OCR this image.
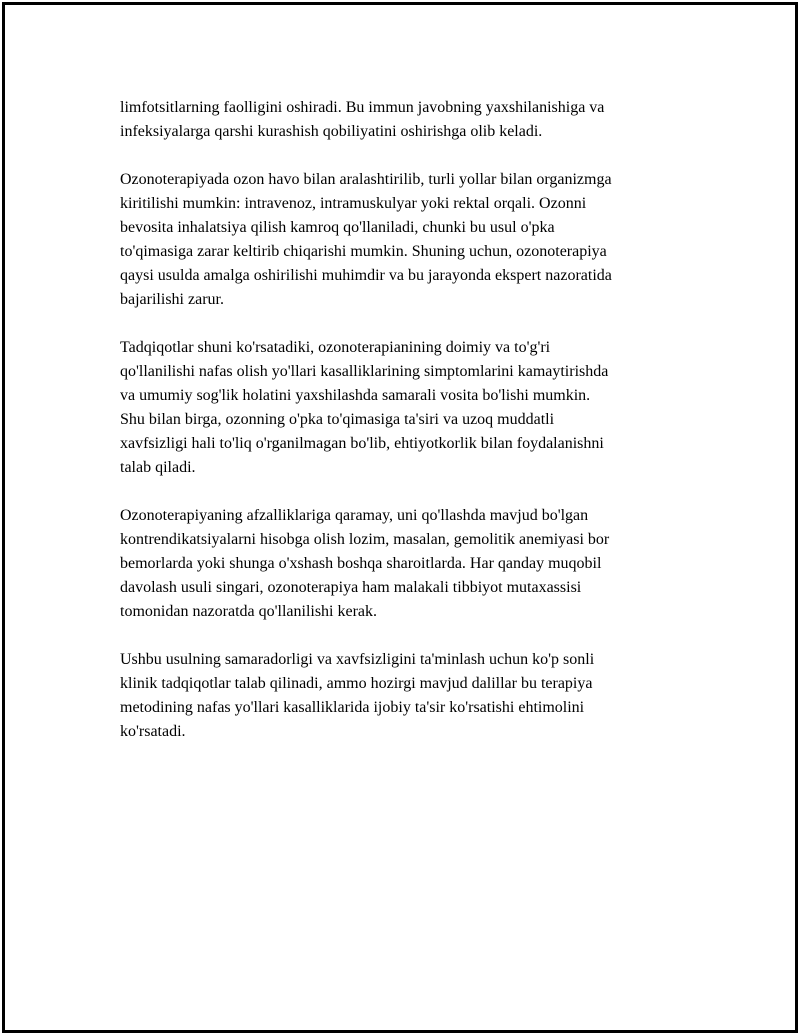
limfotsitlarning faolligini oshiradi. Bu immun javobning yaxshilanishiga va
infeksiyalarga qarshi kurashish qobiliyatini oshirishga olib keladi.

Ozonoterapiyada ozon havo bilan aralashtirilib, turli yollar bilan organizmga
kiritilishi mumkin: intravenoz, intramuskulyar yoki rektal orqali. Ozonni
bevosita inhalatsiya qilish kamroq qo'llaniladi, chunki bu usul o'pka
to'qimasiga zarar keltirib chiqarishi mumkin. Shuning uchun, ozonoterapiya
qaysi usulda amalga oshirilishi muhimdir va bu jarayonda ekspert nazoratida
bajarilishi zarur.

Tadqiqotlar shuni ko'rsatadiki, ozonoterapianining doimiy va to'g'ri
qo'llanilishi nafas olish yo'llari kasalliklarining simptomlarini kamaytirishda
va umumiy sog'lik holatini yaxshilashda samarali vosita bo'lishi mumkin.
Shu bilan birga, ozonning o'pka to'qimasiga ta'siri va uzoq muddatli
xavfsizligi hali to'liq o'rganilmagan bo'lib, ehtiyotkorlik bilan foydalanishni
talab qiladi.

Ozonoterapiyaning afzalliklariga qaramay, uni qo'llashda mavjud bo'lgan
kontrendikatsiyalarni hisobga olish lozim, masalan, gemolitik anemiyasi bor
bemorlarda yoki shunga o'xshash boshqa sharoitlarda. Har qanday muqobil
davolash usuli singari, ozonoterapiya ham malakali tibbiyot mutaxassisi
tomonidan nazoratda qo'llanilishi kerak.

Ushbu usulning samaradorligi va xavfsizligini ta'minlash uchun ko'p sonli
klinik tadqiqotlar talab qilinadi, ammo hozirgi mavjud dalillar bu terapiya
metodining nafas yo'llari kasalliklarida ijobiy ta'sir ko'rsatishi ehtimolini
ko'rsatadi.
